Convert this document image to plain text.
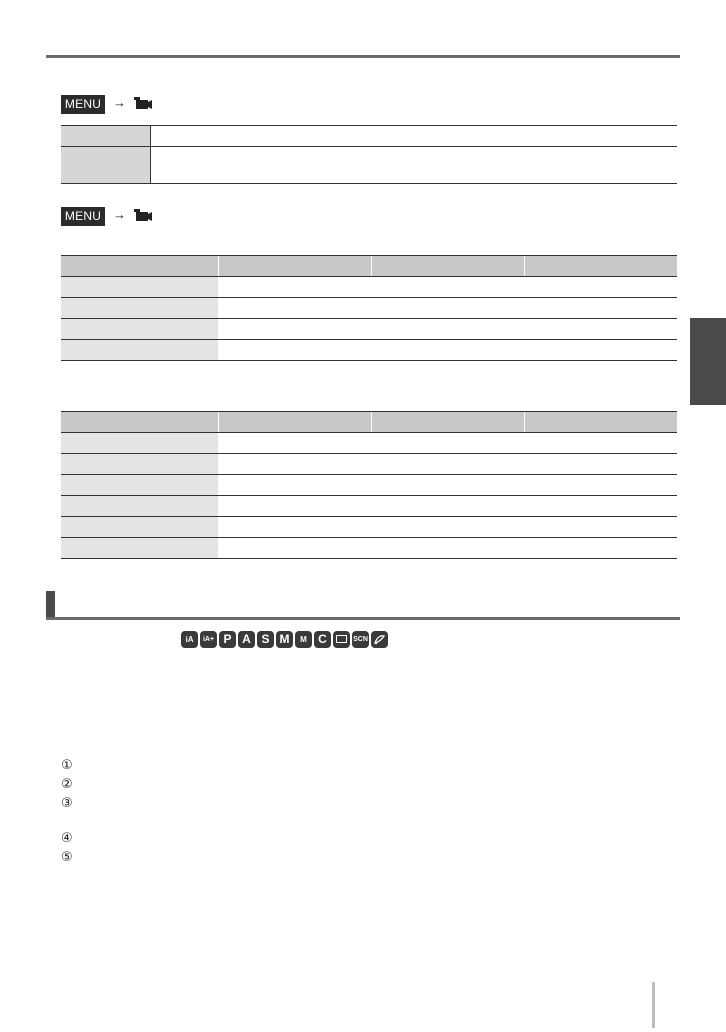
MENU →

MENU →

iA	iA+ P A S M	M C	SCN
①
②
③
④
⑤
